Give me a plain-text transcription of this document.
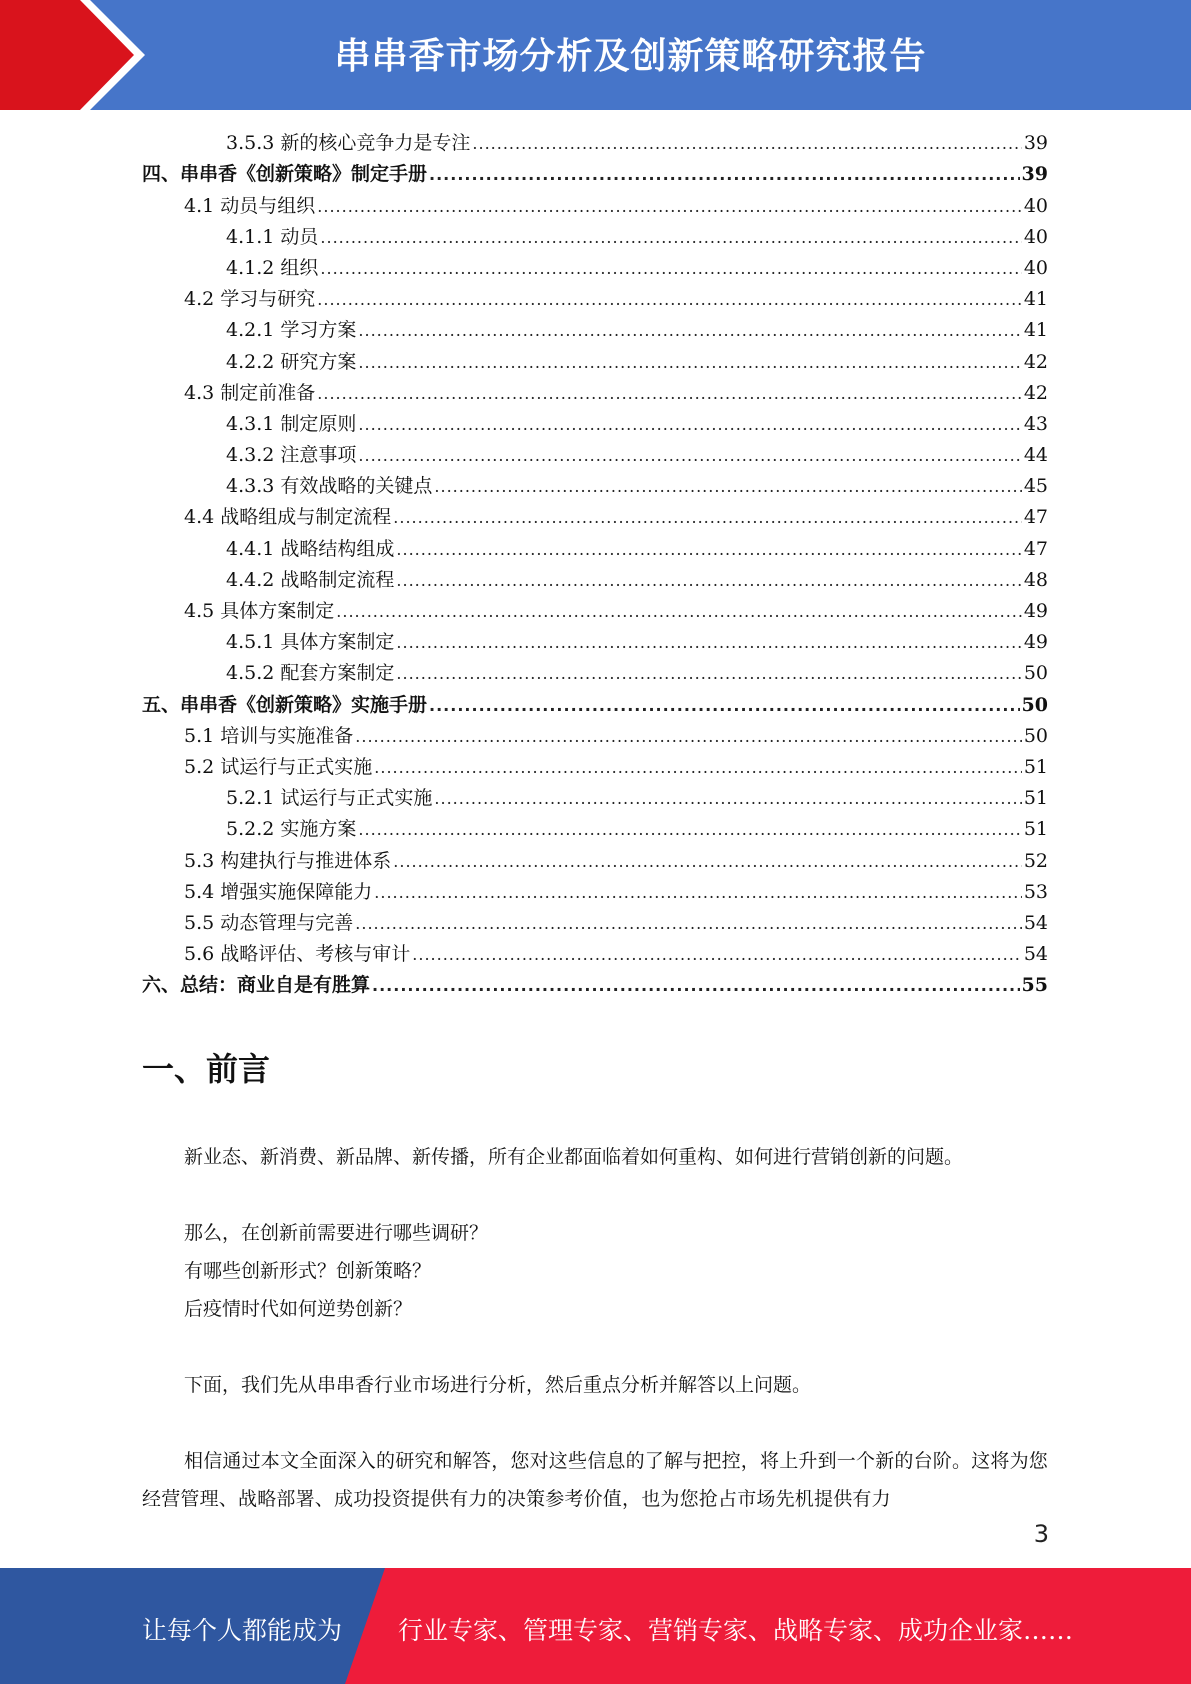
串串香市场分析及创新策略研究报告
3.5.3 新的核心竞争力是专注 .....	39
四、串串香《创新策略》制定手册 .....	39
4.1 动员与组织 .....	40
4.1.1 动员 .....	40
4.1.2 组织 .....	40
4.2 学习与研究 .....	41
4.2.1 学习方案 .....	41
4.2.2 研究方案 .....	42
4.3 制定前准备 .....	42
4.3.1 制定原则 .....	43
4.3.2 注意事项 .....	44
4.3.3 有效战略的关键点 .....	45
4.4 战略组成与制定流程 .....	47
4.4.1 战略结构组成 .....	47
4.4.2 战略制定流程 .....	48
4.5 具体方案制定 .....	49
4.5.1 具体方案制定 .....	49
4.5.2 配套方案制定 .....	50
五、串串香《创新策略》实施手册 .....	50
5.1 培训与实施准备 .....	50
5.2 试运行与正式实施 .....	51
5.2.1 试运行与正式实施 .....	51
5.2.2 实施方案 .....	51
5.3 构建执行与推进体系 .....	52
5.4 增强实施保障能力 .....	53
5.5 动态管理与完善 .....	54
5.6 战略评估、考核与审计 .....	54
六、总结：商业自是有胜算 .....	55
一、前言
新业态、新消费、新品牌、新传播，所有企业都面临着如何重构、如何进行营销创新的问题。
那么，在创新前需要进行哪些调研？
有哪些创新形式？创新策略？
后疫情时代如何逆势创新？
下面，我们先从串串香行业市场进行分析，然后重点分析并解答以上问题。
相信通过本文全面深入的研究和解答，您对这些信息的了解与把控，将上升到一个新的台阶。这将为您经营管理、战略部署、成功投资提供有力的决策参考价值，也为您抢占市场先机提供有力
3
让每个人都能成为 行业专家、管理专家、营销专家、战略专家、成功企业家……
